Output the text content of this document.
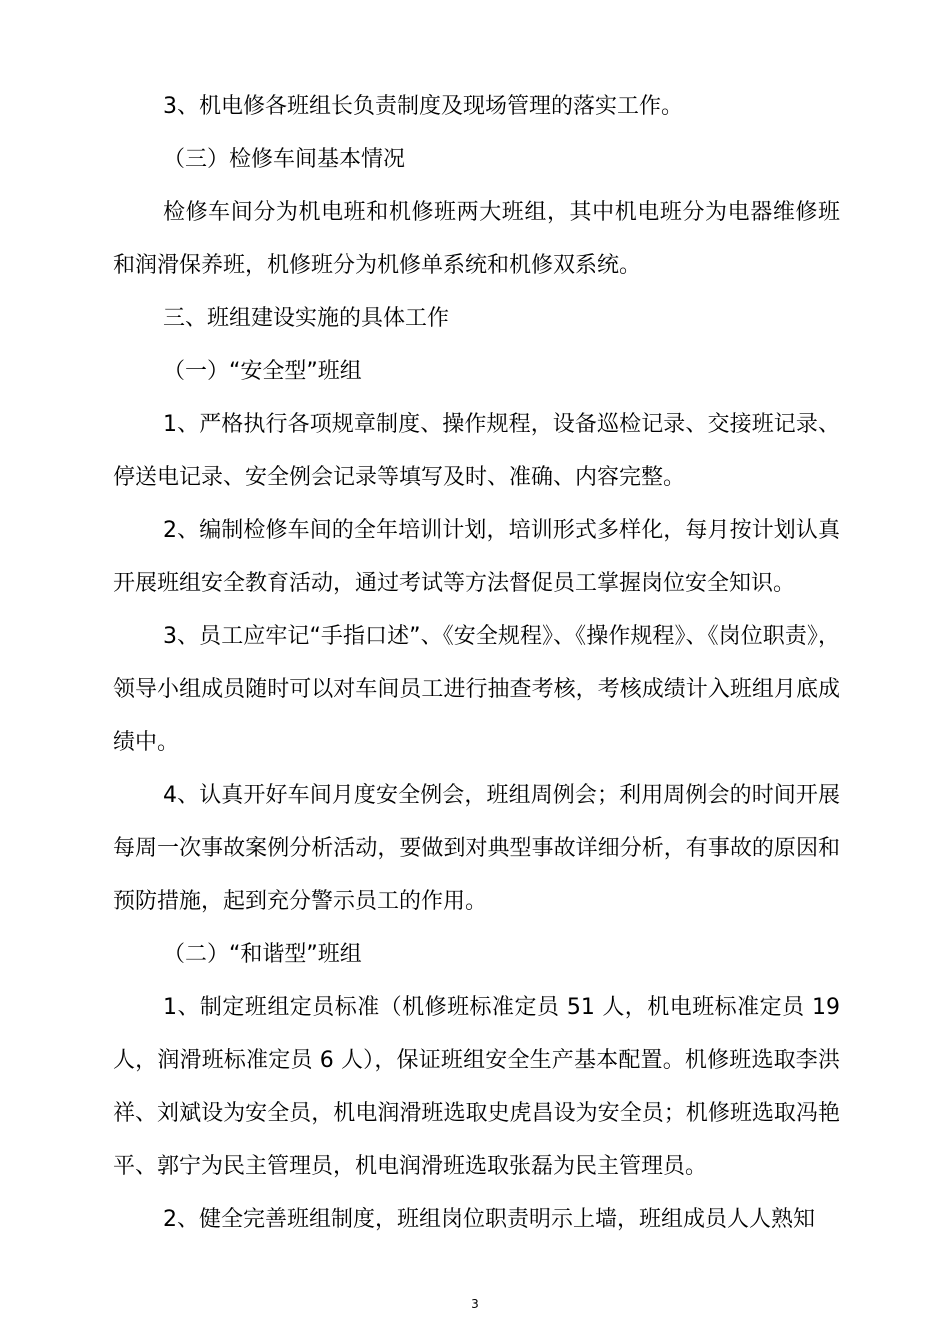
3、机电修各班组长负责制度及现场管理的落实工作。

（三）检修车间基本情况

检修车间分为机电班和机修班两大班组，其中机电班分为电器维修班和润滑保养班，机修班分为机修单系统和机修双系统。

三、班组建设实施的具体工作

（一）“安全型”班组

1、严格执行各项规章制度、操作规程，设备巡检记录、交接班记录、停送电记录、安全例会记录等填写及时、准确、内容完整。

2、编制检修车间的全年培训计划，培训形式多样化，每月按计划认真开展班组安全教育活动，通过考试等方法督促员工掌握岗位安全知识。

3、员工应牢记“手指口述”、《安全规程》、《操作规程》、《岗位职责》，领导小组成员随时可以对车间员工进行抽查考核，考核成绩计入班组月底成绩中。

4、认真开好车间月度安全例会，班组周例会；利用周例会的时间开展每周一次事故案例分析活动，要做到对典型事故详细分析，有事故的原因和预防措施，起到充分警示员工的作用。

（二）“和谐型”班组

1、制定班组定员标准（机修班标准定员 51 人，机电班标准定员 19 人，润滑班标准定员 6 人），保证班组安全生产基本配置。机修班选取李洪祥、刘斌设为安全员，机电润滑班选取史虎昌设为安全员；机修班选取冯艳平、郭宁为民主管理员，机电润滑班选取张磊为民主管理员。

2、健全完善班组制度，班组岗位职责明示上墙，班组成员人人熟知

3
